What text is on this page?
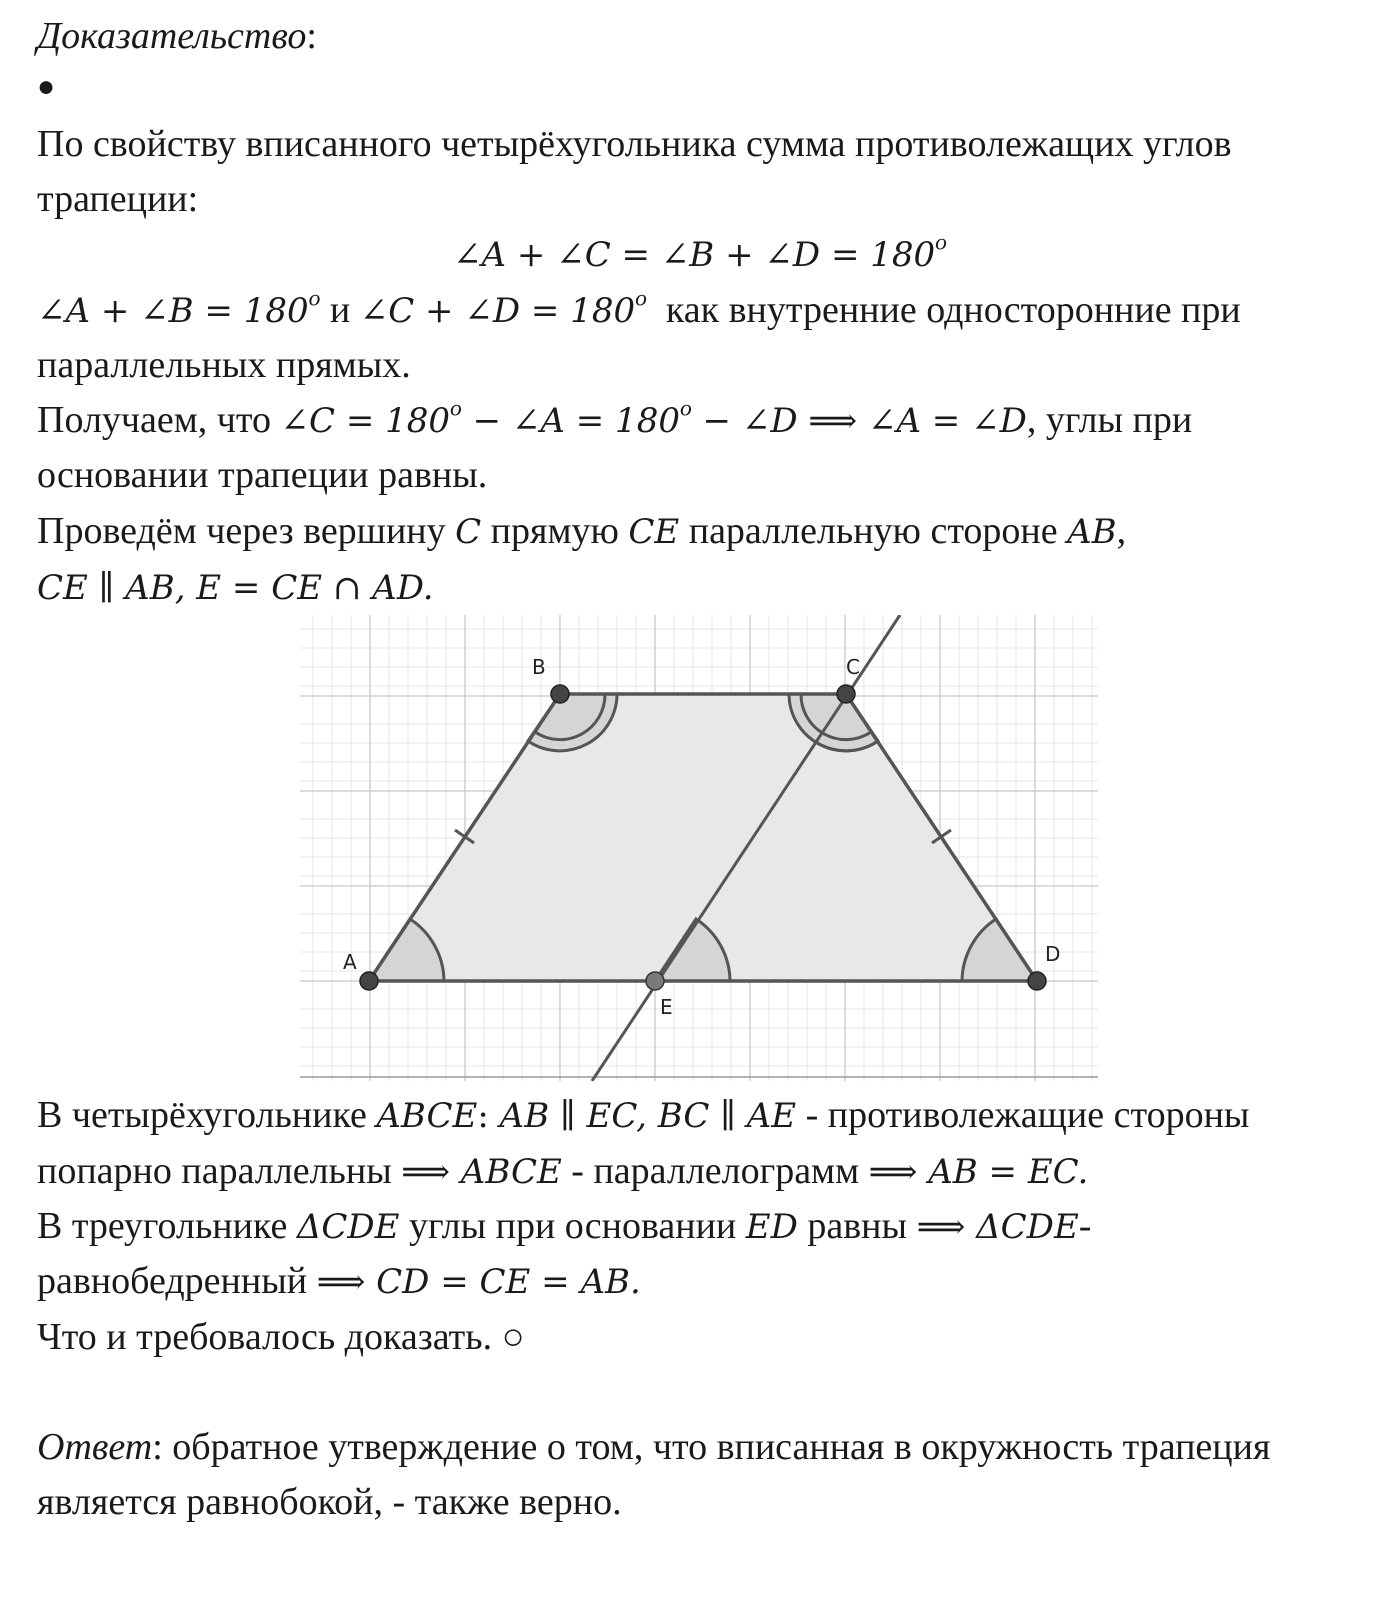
Доказательство:
●
По свойству вписанного четырёхугольника сумма противолежащих углов
трапеции:
∠A + ∠C = ∠B + ∠D = $180^o$
∠A + ∠B = $180^o$ и ∠C + ∠D = $180^o$  как внутренние односторонние при
параллельных прямых.
Получаем, что ∠C = $180^o$ − ∠A = $180^o$ − ∠D ⟹ ∠A = ∠D, углы при
основании трапеции равны.
Проведём через вершину C прямую CE параллельную стороне AB,
CE ∥ AB, E = CE ∩ AD.
A
B	C
D
E
В четырёхугольнике ABCE: AB ∥ EC, BC ∥ AE - противолежащие стороны
попарно параллельны ⟹ ABCE - параллелограмм ⟹ AB = EC.
В треугольнике ΔCDE углы при основании ED равны ⟹ ΔCDE-
равнобедренный ⟹ CD = CE = AB.
Что и требовалось доказать. ○
Ответ: обратное утверждение о том, что вписанная в окружность трапеция
является равнобокой, - также верно.
